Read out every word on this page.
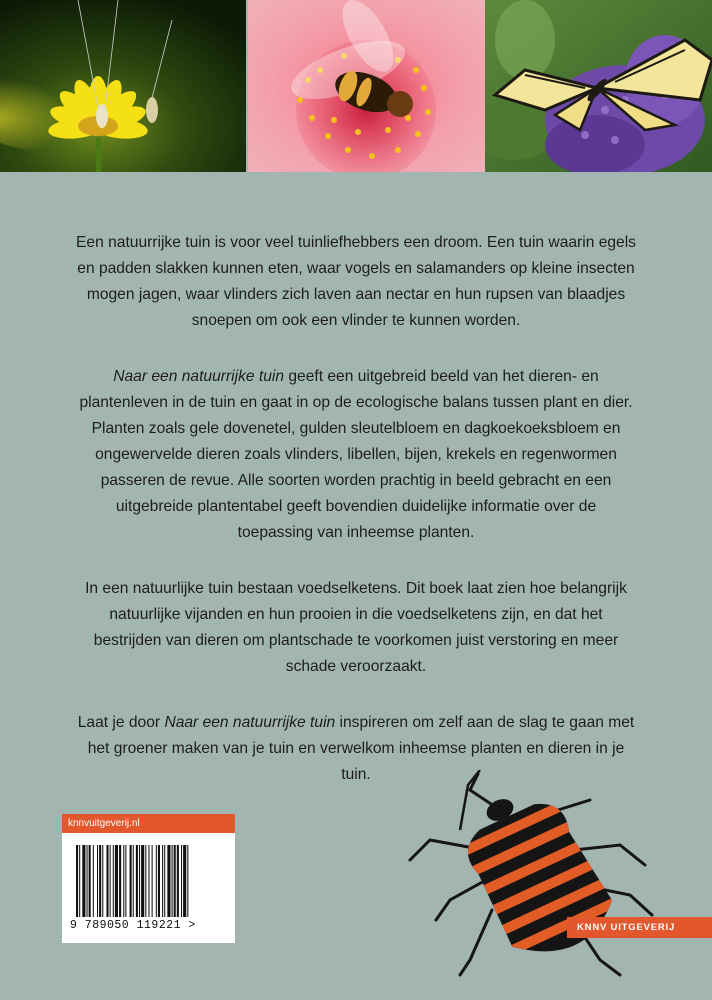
Een natuurrijke tuin is voor veel tuinliefhebbers een droom. Een tuin waarin egels en padden slakken kunnen eten, waar vogels en salamanders op kleine insecten mogen jagen, waar vlinders zich laven aan nectar en hun rupsen van blaadjes snoepen om ook een vlinder te kunnen worden.

Naar een natuurrijke tuin geeft een uitgebreid beeld van het dieren- en plantenleven in de tuin en gaat in op de ecologische balans tussen plant en dier. Planten zoals gele dovenetel, gulden sleutelbloem en dagkoekoeksbloem en ongewervelde dieren zoals vlinders, libellen, bijen, krekels en regenwormen passeren de revue. Alle soorten worden prachtig in beeld gebracht en een uitgebreide plantentabel geeft bovendien duidelijke informatie over de toepassing van inheemse planten.

In een natuurlijke tuin bestaan voedselketens. Dit boek laat zien hoe belangrijk natuurlijke vijanden en hun prooien in die voedselketens zijn, en dat het bestrijden van dieren om plantschade te voorkomen juist verstoring en meer schade veroorzaakt.

Laat je door Naar een natuurrijke tuin inspireren om zelf aan de slag te gaan met het groener maken van je tuin en verwelkom inheemse planten en dieren in je tuin.

knnvuitgeverij.nl
9 789050 119221 >	KNNV UITGEVERIJ
